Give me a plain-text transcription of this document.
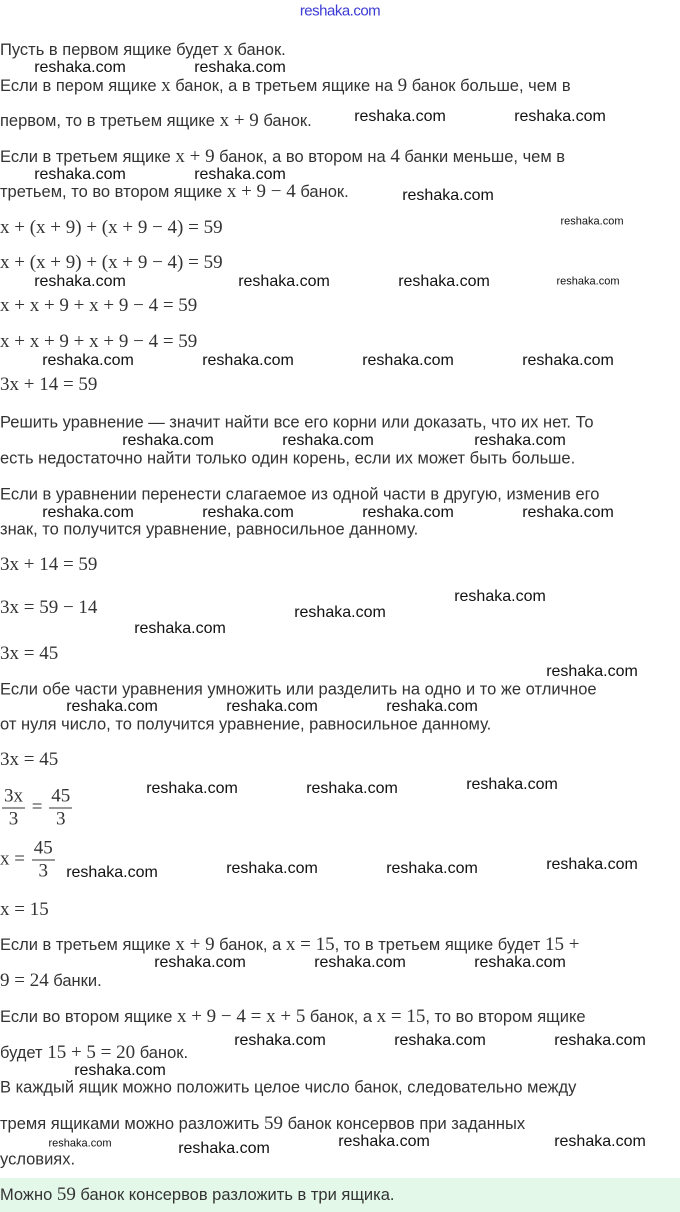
reshaka.com
Пусть в первом ящике будет x банок.
Если в пером ящике x банок, а в третьем ящике на 9 банок больше, чем в
первом, то в третьем ящике x + 9 банок.
Если в третьем ящике x + 9 банок, а во втором на 4 банки меньше, чем в
третьем, то во втором ящике x + 9 − 4 банок.
x + (x + 9) + (x + 9 − 4) = 59
x + (x + 9) + (x + 9 − 4) = 59
x + x + 9 + x + 9 − 4 = 59
x + x + 9 + x + 9 − 4 = 59
3x + 14 = 59
Решить уравнение — значит найти все его корни или доказать, что их нет. То
есть недостаточно найти только один корень, если их может быть больше.
Если в уравнении перенести слагаемое из одной части в другую, изменив его
знак, то получится уравнение, равносильное данному.
3x + 14 = 59
3x = 59 − 14
3x = 45
Если обе части уравнения умножить или разделить на одно и то же отличное
от нуля число, то получится уравнение, равносильное данному.
3x = 45
$\frac{3x}{3} = \frac{45}{3}$
$x = \frac{45}{3}$
x = 15
Если в третьем ящике x + 9 банок, а x = 15, то в третьем ящике будет 15 +
9 = 24 банки.
Если во втором ящике x + 9 − 4 = x + 5 банок, а x = 15, то во втором ящике
будет 15 + 5 = 20 банок.
В каждый ящик можно положить целое число банок, следовательно между
тремя ящиками можно разложить 59 банок консервов при заданных
условиях.
reshaka.com	reshaka.com
reshaka.com	reshaka.com
reshaka.com	reshaka.com
reshaka.com
reshaka.com
reshaka.com	reshaka.com	reshaka.com	reshaka.com
reshaka.com	reshaka.com	reshaka.com	reshaka.com
reshaka.com	reshaka.com	reshaka.com
reshaka.com	reshaka.com	reshaka.com	reshaka.com
reshaka.com
reshaka.com
reshaka.com
reshaka.com
reshaka.com
reshaka.com	reshaka.com
reshaka.com	reshaka.com	reshaka.com
reshaka.com
reshaka.com	reshaka.com
reshaka.com
reshaka.com	reshaka.com	reshaka.com
reshaka.com	reshaka.com	reshaka.com
reshaka.com
reshaka.com	reshaka.com
reshaka.com	reshaka.com
Можно 59 банок консервов разложить в три ящика.
